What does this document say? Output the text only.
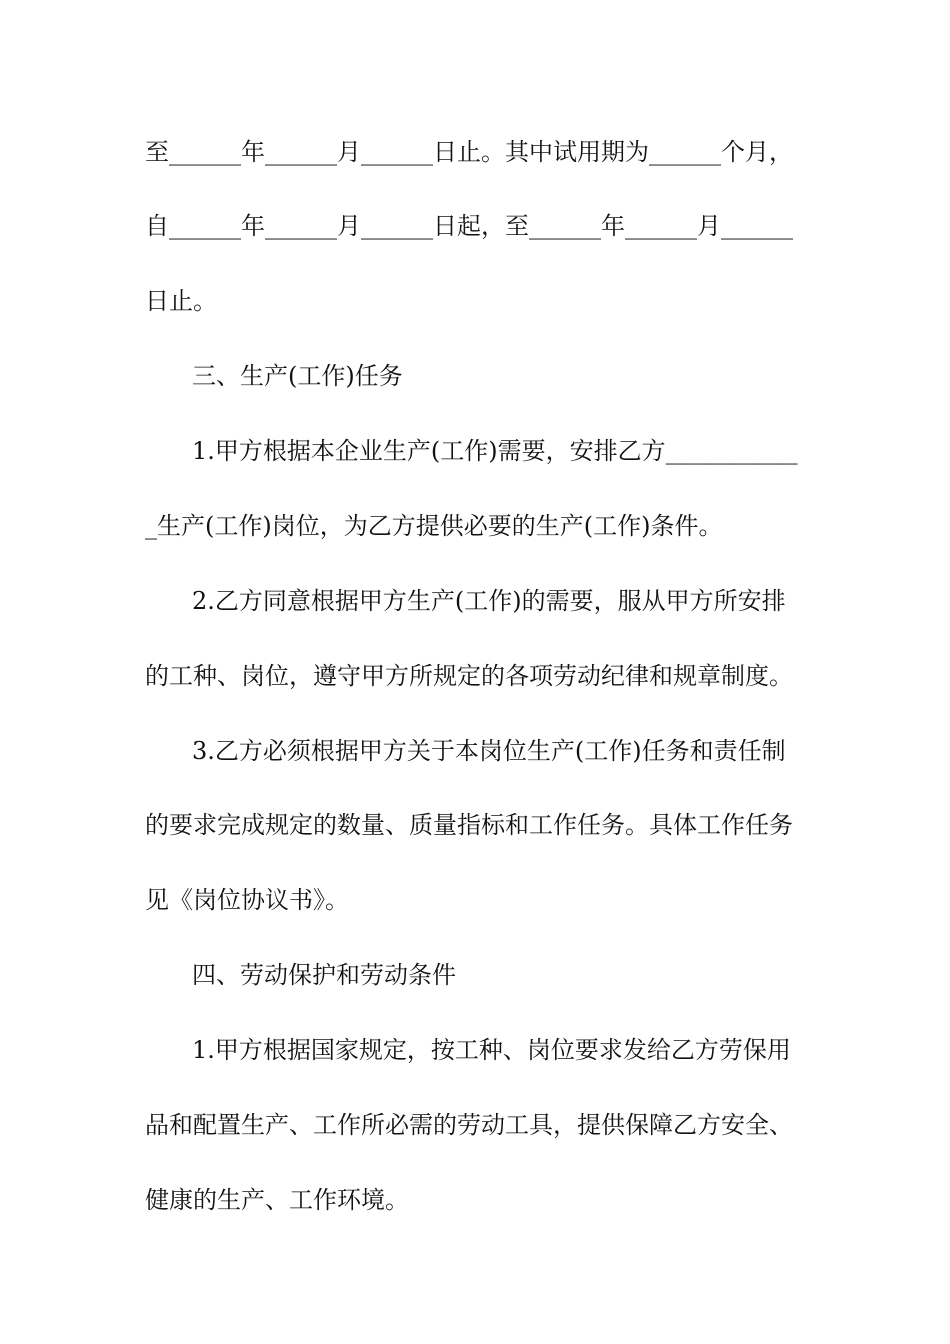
至______年______月______日止。其中试用期为______个月，
自______年______月______日起，至______年______月______
日止。
三、生产(工作)任务
1.甲方根据本企业生产(工作)需要，安排乙方___________
_生产(工作)岗位，为乙方提供必要的生产(工作)条件。
2.乙方同意根据甲方生产(工作)的需要，服从甲方所安排
的工种、岗位，遵守甲方所规定的各项劳动纪律和规章制度。
3.乙方必须根据甲方关于本岗位生产(工作)任务和责任制
的要求完成规定的数量、质量指标和工作任务。具体工作任务
见《岗位协议书》。
四、劳动保护和劳动条件
1.甲方根据国家规定，按工种、岗位要求发给乙方劳保用
品和配置生产、工作所必需的劳动工具，提供保障乙方安全、
健康的生产、工作环境。
